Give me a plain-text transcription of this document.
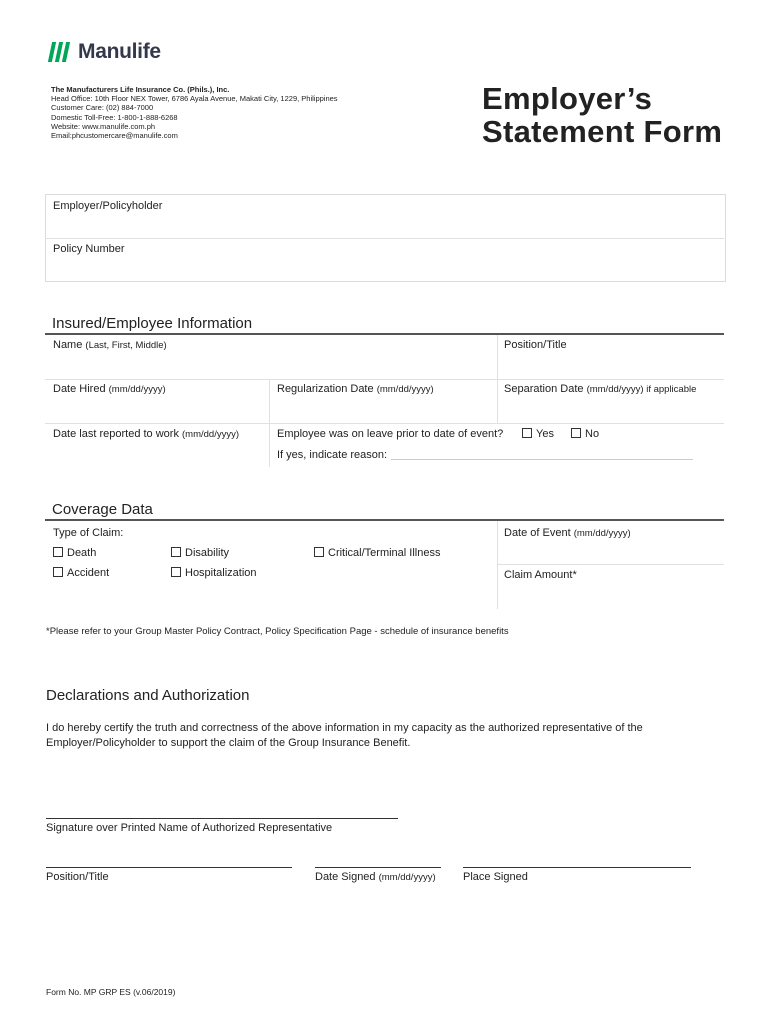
Manulife
The Manufacturers Life Insurance Co. (Phils.), Inc.
Head Office: 10th Floor NEX Tower, 6786 Ayala Avenue, Makati City, 1229, Philippines
Customer Care: (02) 884-7000
Domestic Toll-Free: 1-800-1-888-6268
Website: www.manulife.com.ph
Email:phcustomercare@manulife.com
Employer’s
Statement Form
Employer/Policyholder
Policy Number
Insured/Employee Information
Name (Last, First, Middle)	Position/Title
Date Hired (mm/dd/yyyy)	Regularization Date (mm/dd/yyyy)	Separation Date (mm/dd/yyyy) if applicable
Date last reported to work (mm/dd/yyyy)	Employee was on leave prior to date of event?	Yes	No
If yes, indicate reason:
Coverage Data
Type of Claim:
Death	Disability	Critical/Terminal Illness
Accident	Hospitalization
Date of Event (mm/dd/yyyy)
Claim Amount*
*Please refer to your Group Master Policy Contract, Policy Specification Page - schedule of insurance benefits
Declarations and Authorization
I do hereby certify the truth and correctness of the above information in my capacity as the authorized representative of the
Employer/Policyholder to support the claim of the Group Insurance Benefit.
Signature over Printed Name of Authorized Representative
Position/Title	Date Signed (mm/dd/yyyy) Place Signed
Form No. MP GRP ES (v.06/2019)
